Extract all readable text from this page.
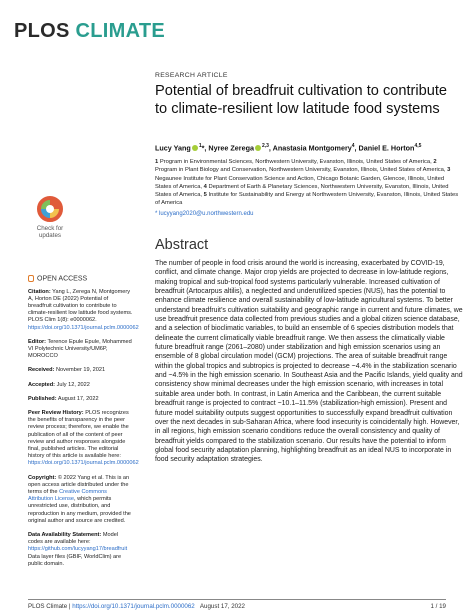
PLOS CLIMATE
RESEARCH ARTICLE
Potential of breadfruit cultivation to contribute to climate-resilient low latitude food systems
Lucy Yang $^1$*, Nyree Zerega $^{2,3}$, Anastasia Montgomery$^4$, Daniel E. Horton$^{4,5}$

1 Program in Environmental Sciences, Northwestern University, Evanston, Illinois, United States of America, 2 Program in Plant Biology and Conservation, Northwestern University, Evanston, Illinois, United States of America, 3 Negaunee Institute for Plant Conservation Science and Action, Chicago Botanic Garden, Glencoe, Illinois, United States of America, 4 Department of Earth & Planetary Sciences, Northwestern University, Evanston, Illinois, United States of America, 5 Institute for Sustainability and Energy at Northwestern University, Evanston, Illinois, United States of America

* lucyyang2020@u.northwestern.edu
Abstract

The number of people in food crisis around the world is increasing, exacerbated by COVID-19, conflict, and climate change. Major crop yields are projected to decrease in low-latitude regions, making tropical and sub-tropical food systems particularly vulnerable. Increased cultivation of breadfruit (Artocarpus altilis), a neglected and underutilized species (NUS), has the potential to enhance climate resilience and overall sustainability of low-latitude agricultural systems. To better understand breadfruit’s cultivation suitability and geographic range in current and future climates, we use breadfruit presence data collected from previous studies and a global citizen science database, and a selection of bioclimatic variables, to build an ensemble of 6 species distribution models that delineate the current climatically viable breadfruit range. We then assess the climatically viable future breadfruit range (2061–2080) under stabilization and high emission scenarios using an ensemble of 8 global circulation model (GCM) projections. The area of suitable breadfruit range within the global tropics and subtropics is projected to decrease ~4.4% in the stabilization scenario and ~4.5% in the high emission scenario. In Southeast Asia and the Pacific Islands, yield quality and consistency show minimal decreases under the high emission scenario, with increases in total suitable area under both. In contrast, in Latin America and the Caribbean, the current suitable breadfruit range is projected to contract ~10.1–11.5% (stabilization-high emission). Present and future model suitability outputs suggest opportunities to successfully expand breadfruit cultivation over the next decades in sub-Saharan Africa, where food insecurity is coincidentally high. However, in all regions, high emission scenario conditions reduce the overall consistency and quality of breadfruit yields compared to the stabilization scenario. Our results have the potential to inform global food security adaptation planning, highlighting breadfruit as an ideal NUS to incorporate in food security adaptation strategies.

Check for
updates
OPEN ACCESS
Citation: Yang L, Zerega N, Montgomery A, Horton DE (2022) Potential of breadfruit cultivation to contribute to climate-resilient low latitude food systems. PLOS Clim 1(8): e0000062. https://doi.org/10.1371/journal.pclm.0000062
Editor: Terence Epule Epule, Mohammed VI Polytechnic University/UM6P, MOROCCO
Received: November 19, 2021
Accepted: July 12, 2022
Published: August 17, 2022
Peer Review History: PLOS recognizes the benefits of transparency in the peer review process; therefore, we enable the publication of all of the content of peer review and author responses alongside final, published articles. The editorial history of this article is available here: https://doi.org/10.1371/journal.pclm.0000062
Copyright: © 2022 Yang et al. This is an open access article distributed under the terms of the Creative Commons Attribution License, which permits unrestricted use, distribution, and reproduction in any medium, provided the original author and source are credited.
Data Availability Statement: Model codes are available here: https://github.com/lucyyang17/breadfruit Data layer files (GBIF, WorldClim) are public domain.
PLOS Climate | https://doi.org/10.1371/journal.pclm.0000062 August 17, 2022	1 / 19
